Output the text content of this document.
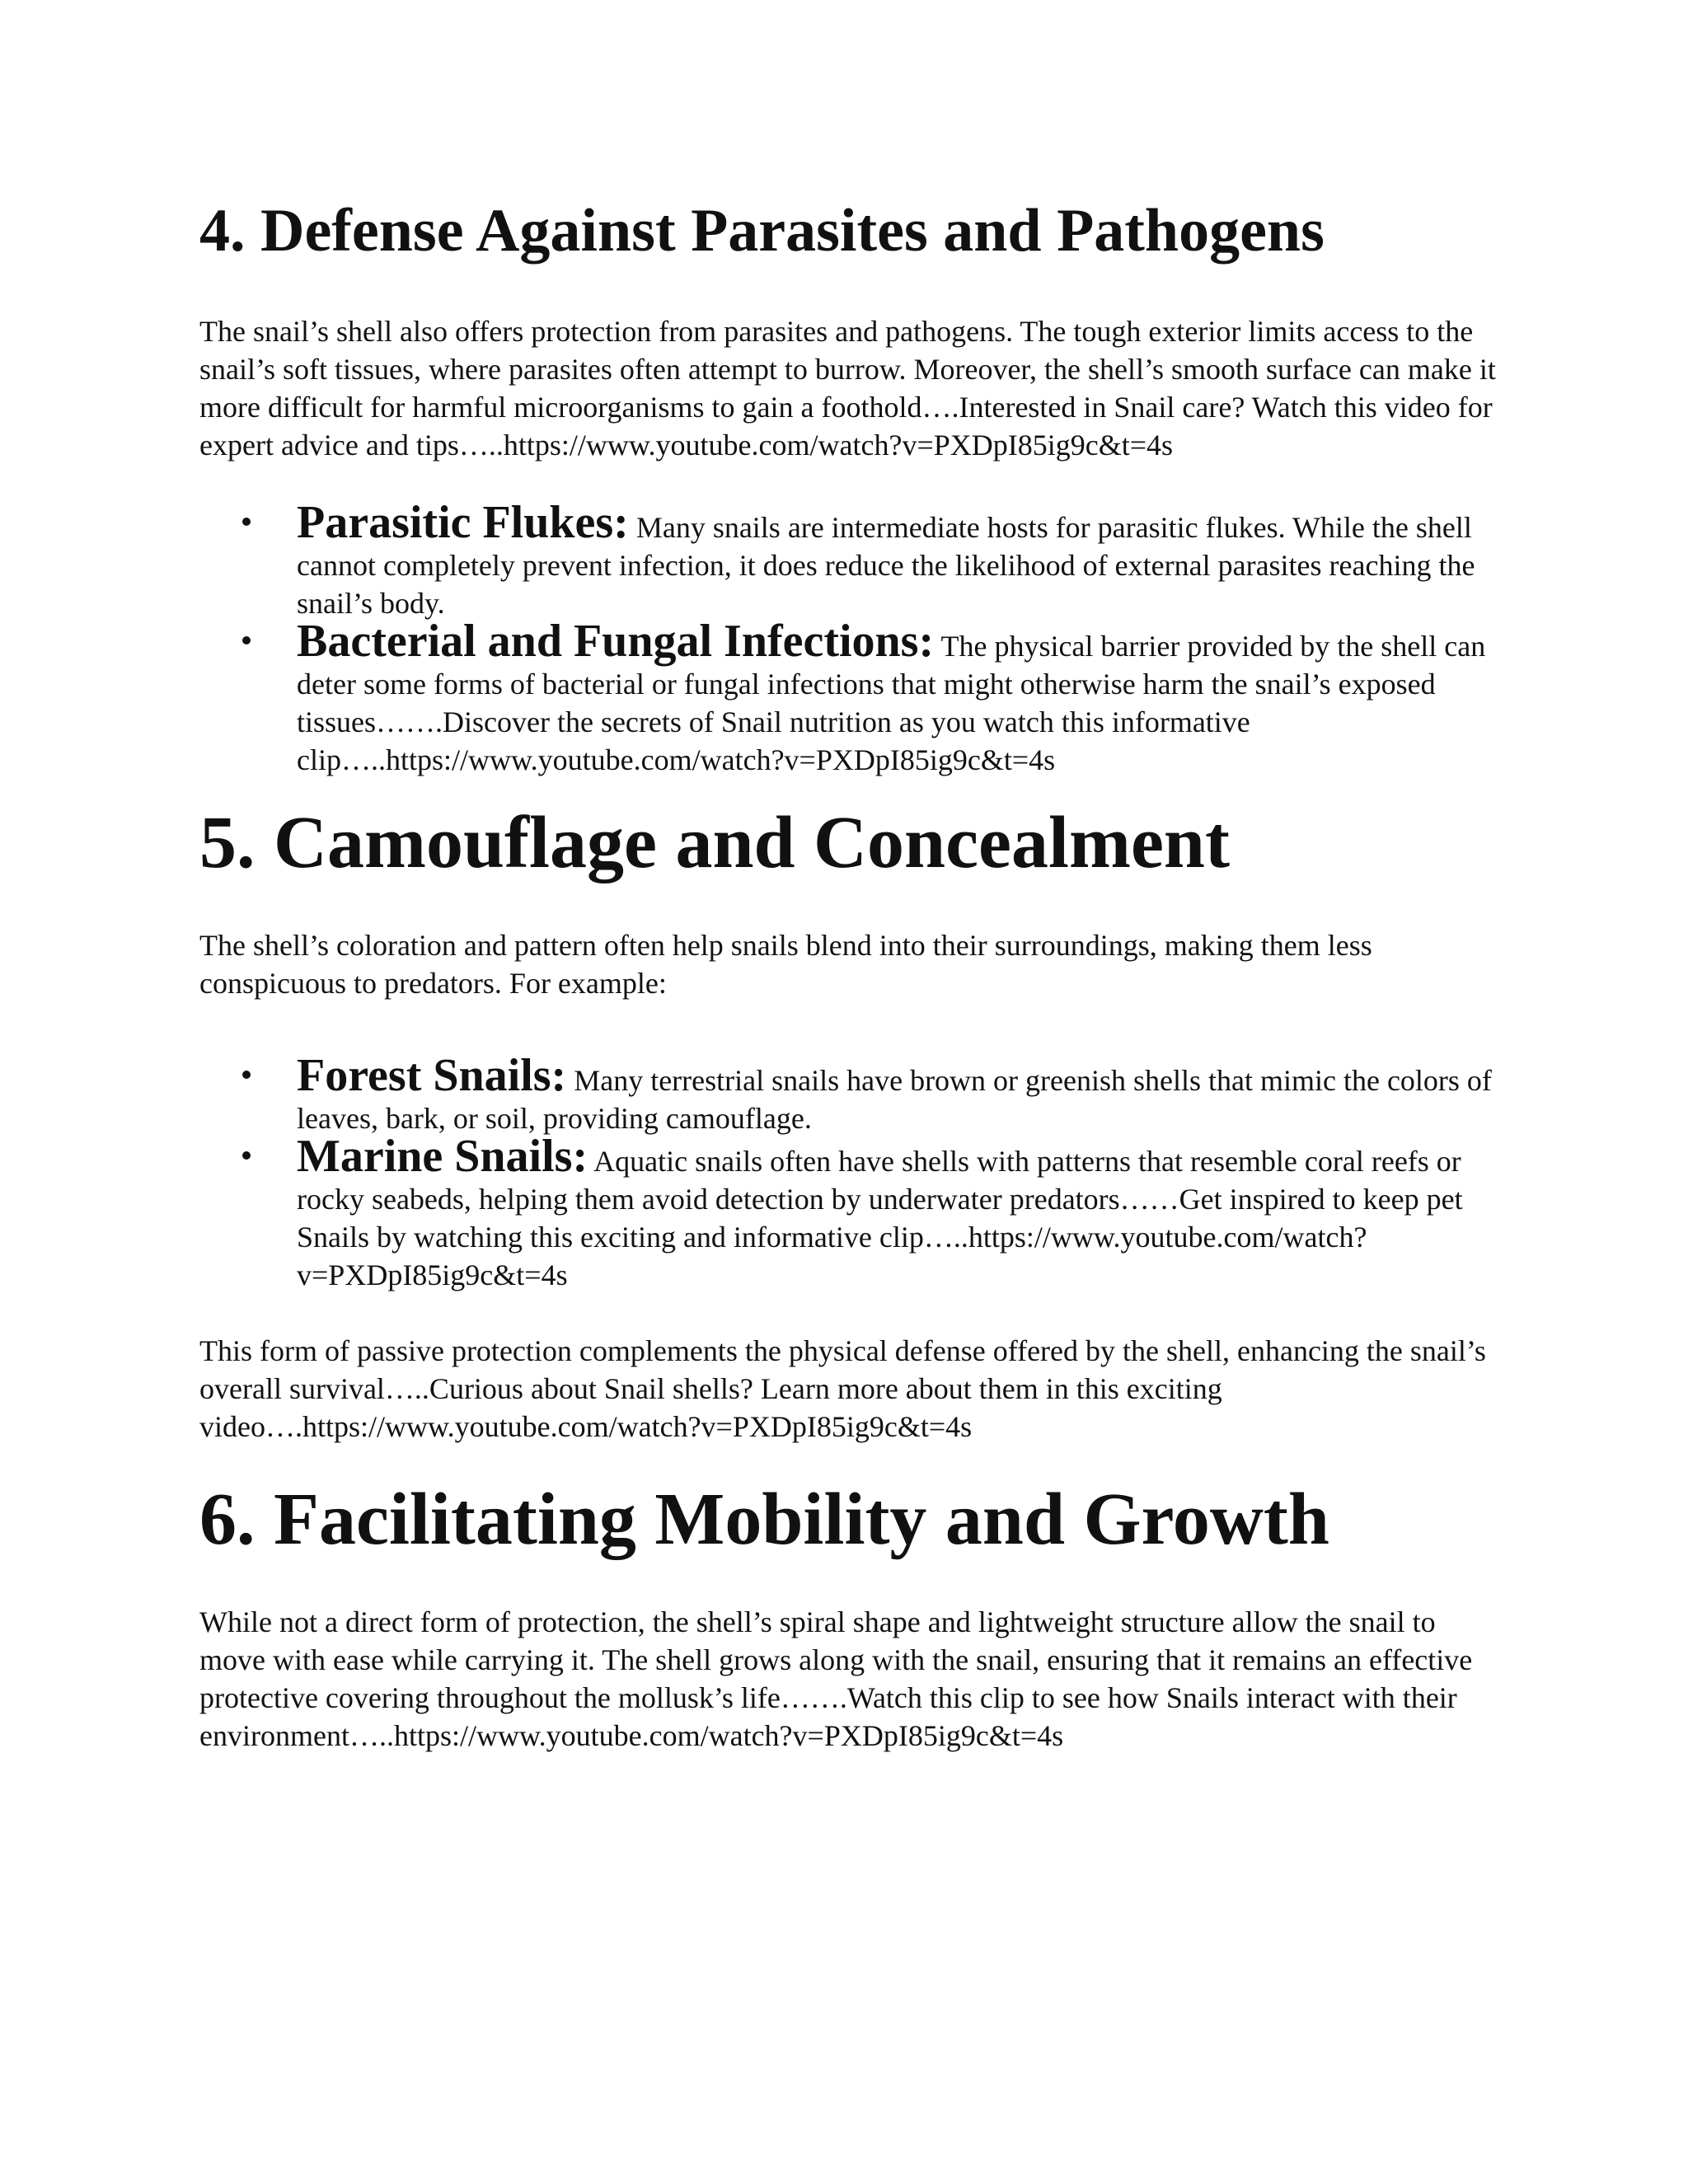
4. Defense Against Parasites and Pathogens

The snail’s shell also offers protection from parasites and pathogens. The tough exterior limits access to the snail’s soft tissues, where parasites often attempt to burrow. Moreover, the shell’s smooth surface can make it more difficult for harmful microorganisms to gain a foothold….Interested in Snail care? Watch this video for expert advice and tips…..https://www.youtube.com/watch?v=PXDpI85ig9c&t=4s

Parasitic Flukes: Many snails are intermediate hosts for parasitic flukes. While the shell cannot completely prevent infection, it does reduce the likelihood of external parasites reaching the snail’s body.
Bacterial and Fungal Infections: The physical barrier provided by the shell can deter some forms of bacterial or fungal infections that might otherwise harm the snail’s exposed tissues…….Discover the secrets of Snail nutrition as you watch this informative clip…..https://www.youtube.com/watch?v=PXDpI85ig9c&t=4s
5. Camouflage and Concealment

The shell’s coloration and pattern often help snails blend into their surroundings, making them less conspicuous to predators. For example:

Forest Snails: Many terrestrial snails have brown or greenish shells that mimic the colors of leaves, bark, or soil, providing camouflage.
Marine Snails: Aquatic snails often have shells with patterns that resemble coral reefs or rocky seabeds, helping them avoid detection by underwater predators……Get inspired to keep pet Snails by watching this exciting and informative clip…..https://www.youtube.com/watch?v=PXDpI85ig9c&t=4s

This form of passive protection complements the physical defense offered by the shell, enhancing the snail’s overall survival…..Curious about Snail shells? Learn more about them in this exciting video….https://www.youtube.com/watch?v=PXDpI85ig9c&t=4s

6. Facilitating Mobility and Growth

While not a direct form of protection, the shell’s spiral shape and lightweight structure allow the snail to move with ease while carrying it. The shell grows along with the snail, ensuring that it remains an effective protective covering throughout the mollusk’s life…….Watch this clip to see how Snails interact with their environment…..https://www.youtube.com/watch?v=PXDpI85ig9c&t=4s
